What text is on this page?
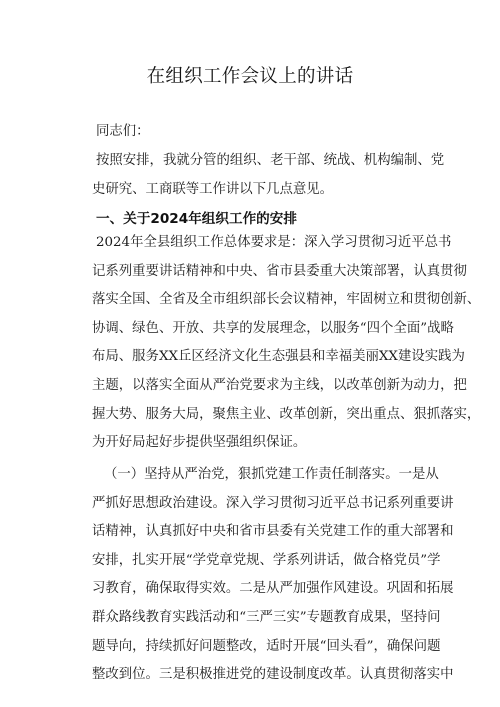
在组织工作会议上的讲话
同志们：
按照安排，我就分管的组织、老干部、统战、机构编制、党
史研究、工商联等工作讲以下几点意见。
一、关于2024年组织工作的安排
2024年全县组织工作总体要求是：深入学习贯彻习近平总书
记系列重要讲话精神和中央、省市县委重大决策部署，认真贯彻
落实全国、全省及全市组织部长会议精神，牢固树立和贯彻创新、
协调、绿色、开放、共享的发展理念，以服务“四个全面”战略
布局、服务XX丘区经济文化生态强县和幸福美丽XX建设实践为
主题，以落实全面从严治党要求为主线，以改革创新为动力，把
握大势、服务大局，聚焦主业、改革创新，突出重点、狠抓落实，
为开好局起好步提供坚强组织保证。
（一）坚持从严治党，狠抓党建工作责任制落实。一是从
严抓好思想政治建设。深入学习贯彻习近平总书记系列重要讲
话精神，认真抓好中央和省市县委有关党建工作的重大部署和
安排，扎实开展“学党章党规、学系列讲话，做合格党员”学
习教育，确保取得实效。二是从严加强作风建设。巩固和拓展
群众路线教育实践活动和“三严三实”专题教育成果，坚持问
题导向，持续抓好问题整改，适时开展“回头看”，确保问题
整改到位。三是积极推进党的建设制度改革。认真贯彻落实中
